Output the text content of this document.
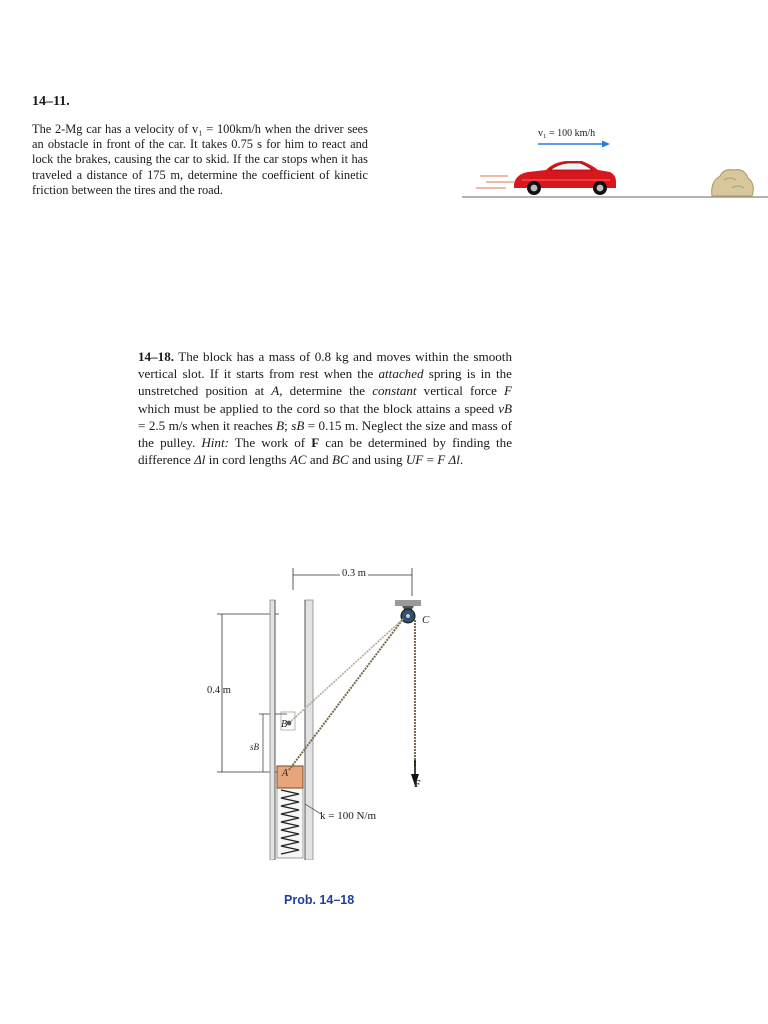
14–11.

The 2-Mg car has a velocity of v₁ = 100km/h when the driver sees an obstacle in front of the car. It takes 0.75 s for him to react and lock the brakes, causing the car to skid. If the car stops when it has traveled a distance of 175 m, determine the coefficient of kinetic friction between the tires and the road.

v₁ = 100 km/h

14–18. The block has a mass of 0.8 kg and moves within the smooth vertical slot. If it starts from rest when the attached spring is in the unstretched position at A, determine the constant vertical force F which must be applied to the cord so that the block attains a speed vB = 2.5 m/s when it reaches B; sB = 0.15 m. Neglect the size and mass of the pulley. Hint: The work of F can be determined by finding the difference Δl in cord lengths AC and BC and using UF = F Δl.

0.3 m
0.4 m
sB
B
A
C
F
k = 100 N/m
Prob. 14–18
